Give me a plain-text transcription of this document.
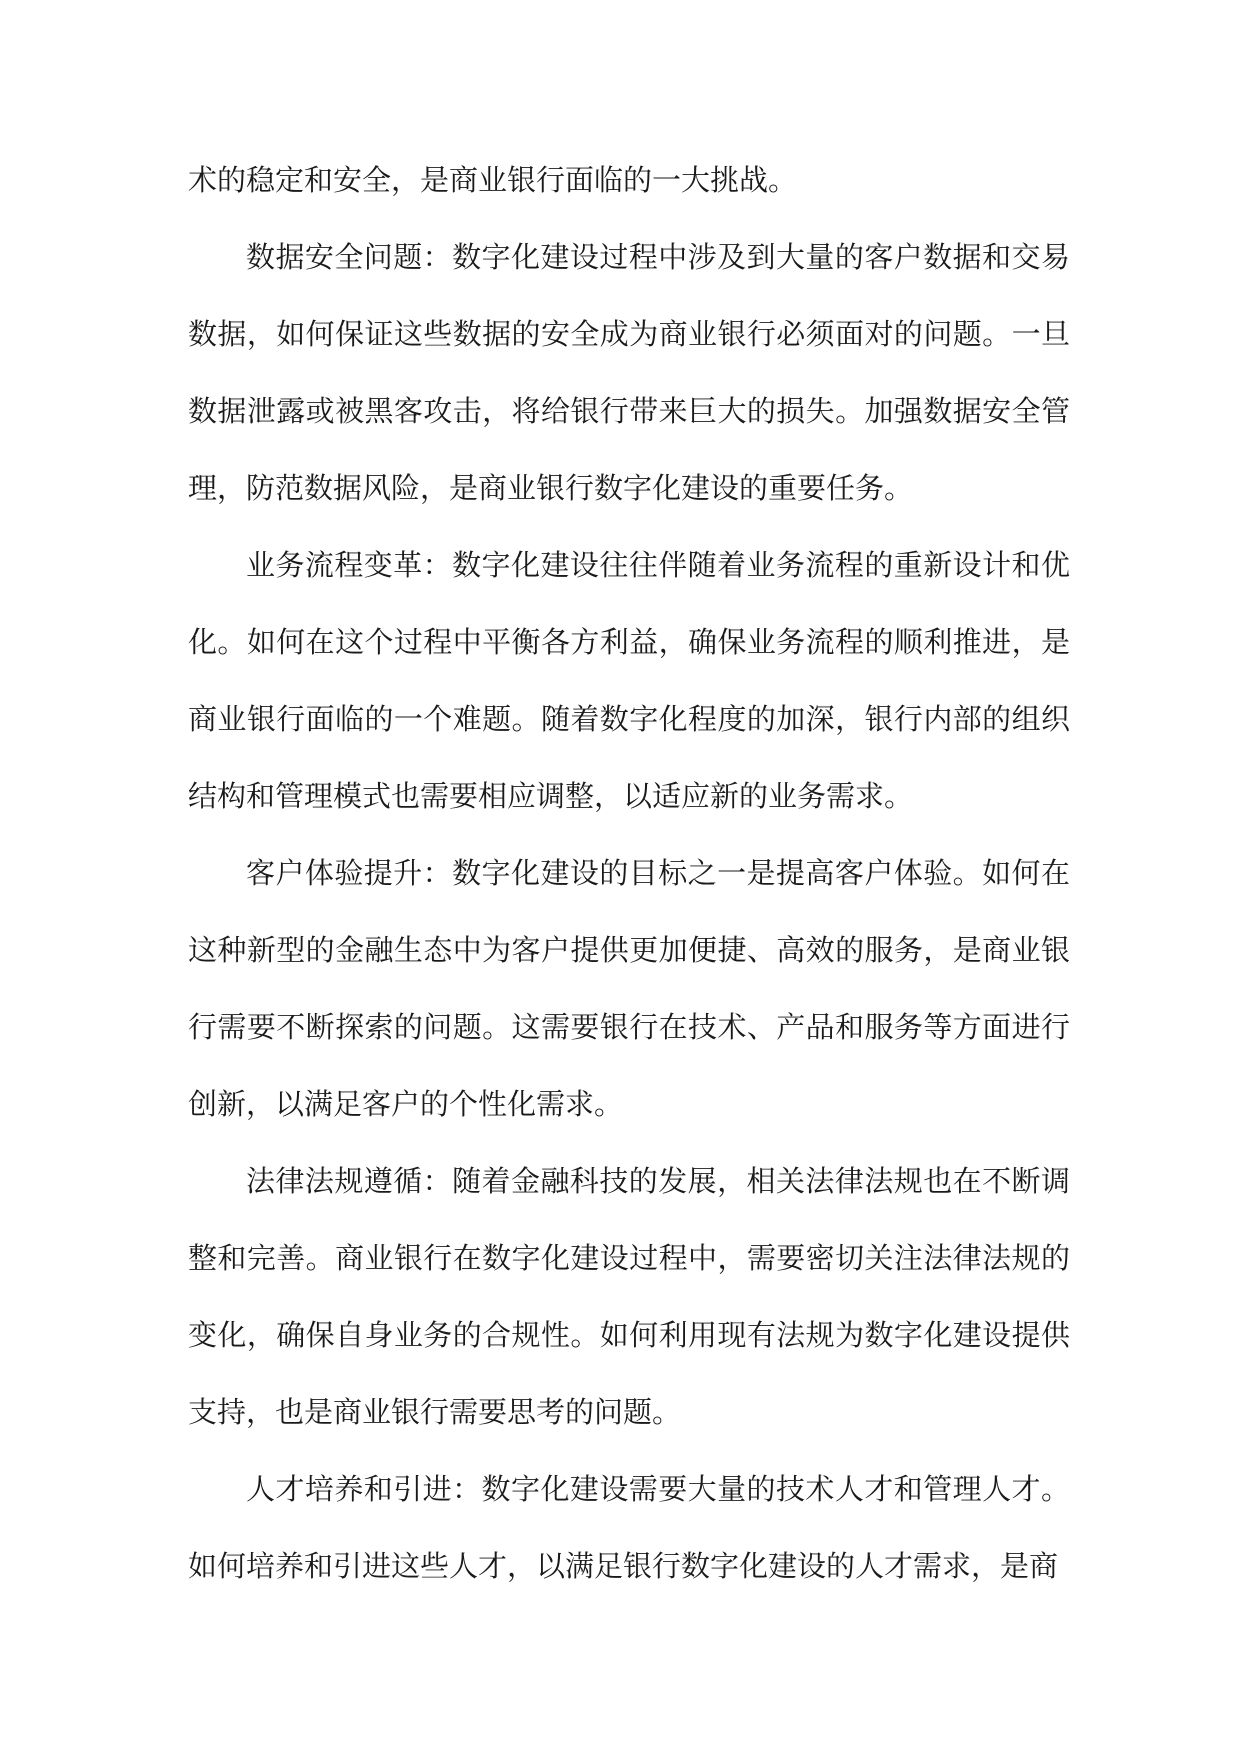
术的稳定和安全，是商业银行面临的一大挑战。

数据安全问题：数字化建设过程中涉及到大量的客户数据和交易数据，如何保证这些数据的安全成为商业银行必须面对的问题。一旦数据泄露或被黑客攻击，将给银行带来巨大的损失。加强数据安全管理，防范数据风险，是商业银行数字化建设的重要任务。

业务流程变革：数字化建设往往伴随着业务流程的重新设计和优化。如何在这个过程中平衡各方利益，确保业务流程的顺利推进，是商业银行面临的一个难题。随着数字化程度的加深，银行内部的组织结构和管理模式也需要相应调整，以适应新的业务需求。

客户体验提升：数字化建设的目标之一是提高客户体验。如何在这种新型的金融生态中为客户提供更加便捷、高效的服务，是商业银行需要不断探索的问题。这需要银行在技术、产品和服务等方面进行创新，以满足客户的个性化需求。

法律法规遵循：随着金融科技的发展，相关法律法规也在不断调整和完善。商业银行在数字化建设过程中，需要密切关注法律法规的变化，确保自身业务的合规性。如何利用现有法规为数字化建设提供支持，也是商业银行需要思考的问题。

人才培养和引进：数字化建设需要大量的技术人才和管理人才。如何培养和引进这些人才，以满足银行数字化建设的人才需求，是商
